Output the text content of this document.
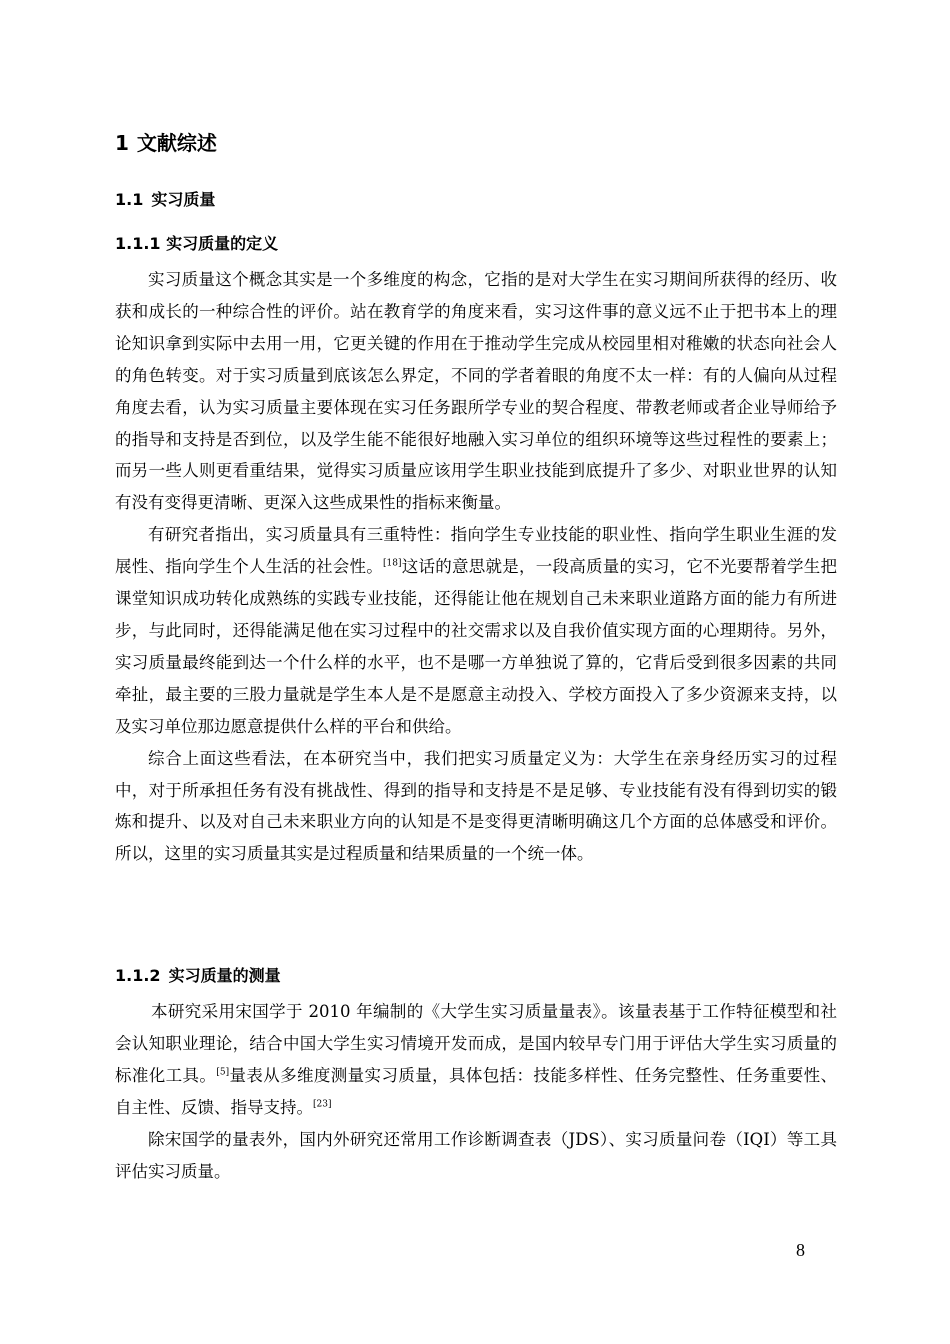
1 文献综述
1.1 实习质量
1.1.1 实习质量的定义

实习质量这个概念其实是一个多维度的构念，它指的是对大学生在实习期间所获得的经历、收获和成长的一种综合性的评价。站在教育学的角度来看，实习这件事的意义远不止于把书本上的理论知识拿到实际中去用一用，它更关键的作用在于推动学生完成从校园里相对稚嫩的状态向社会人的角色转变。对于实习质量到底该怎么界定，不同的学者着眼的角度不太一样：有的人偏向从过程角度去看，认为实习质量主要体现在实习任务跟所学专业的契合程度、带教老师或者企业导师给予的指导和支持是否到位，以及学生能不能很好地融入实习单位的组织环境等这些过程性的要素上；而另一些人则更看重结果，觉得实习质量应该用学生职业技能到底提升了多少、对职业世界的认知有没有变得更清晰、更深入这些成果性的指标来衡量。

有研究者指出，实习质量具有三重特性：指向学生专业技能的职业性、指向学生职业生涯的发展性、指向学生个人生活的社会性。[18]这话的意思就是，一段高质量的实习，它不光要帮着学生把课堂知识成功转化成熟练的实践专业技能，还得能让他在规划自己未来职业道路方面的能力有所进步，与此同时，还得能满足他在实习过程中的社交需求以及自我价值实现方面的心理期待。另外，实习质量最终能到达一个什么样的水平，也不是哪一方单独说了算的，它背后受到很多因素的共同牵扯，最主要的三股力量就是学生本人是不是愿意主动投入、学校方面投入了多少资源来支持，以及实习单位那边愿意提供什么样的平台和供给。

综合上面这些看法，在本研究当中，我们把实习质量定义为：大学生在亲身经历实习的过程中，对于所承担任务有没有挑战性、得到的指导和支持是不是足够、专业技能有没有得到切实的锻炼和提升、以及对自己未来职业方向的认知是不是变得更清晰明确这几个方面的总体感受和评价。所以，这里的实习质量其实是过程质量和结果质量的一个统一体。

1.1.2 实习质量的测量

本研究采用宋国学于 2010 年编制的《大学生实习质量量表》。该量表基于工作特征模型和社会认知职业理论，结合中国大学生实习情境开发而成，是国内较早专门用于评估大学生实习质量的标准化工具。[5]量表从多维度测量实习质量，具体包括：技能多样性、任务完整性、任务重要性、自主性、反馈、指导支持。[23]

除宋国学的量表外，国内外研究还常用工作诊断调查表（JDS）、实习质量问卷（IQI）等工具评估实习质量。

8
